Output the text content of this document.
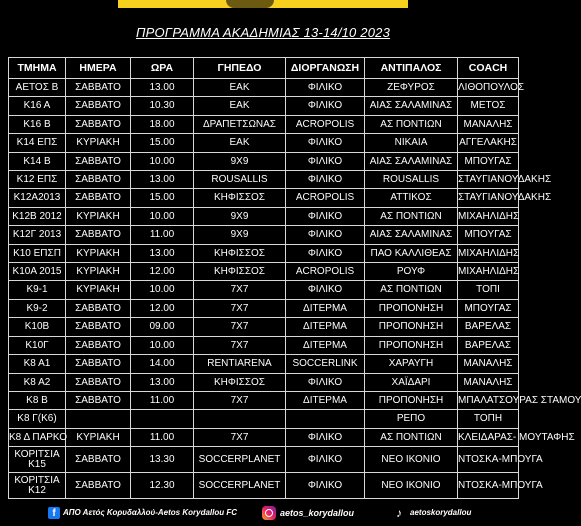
ΠΡΟΓΡΑΜΜΑ ΑΚΑΔΗΜΙΑΣ 13-14/10 2023
ΤΜΗΜΑ	ΗΜΕΡΑ	ΩΡΑ	ΓΗΠΕΔΟ	ΔΙΟΡΓΑΝΩΣΗ	ΑΝΤΙΠΑΛΟΣ	COACH
ΑΕΤΟΣ Β	ΣΑΒΒΑΤΟ	13.00	ΕΑΚ	ΦΙΛΙΚΟ	ΖΕΦΥΡΟΣ	ΛΙΘΟΠΟΥΛΟΣ
Κ16 Α	ΣΑΒΒΑΤΟ	10.30	ΕΑΚ	ΦΙΛΙΚΟ	ΑΙΑΣ ΣΑΛΑΜΙΝΑΣ	ΜΕΤΟΣ
Κ16 Β	ΣΑΒΒΑΤΟ	18.00	ΔΡΑΠΕΤΣΩΝΑΣ	ACROPOLIS	ΑΣ ΠΟΝΤΙΩΝ	ΜΑΝΑΛΗΣ
Κ14 ΕΠΣ	ΚΥΡΙΑΚΗ	15.00	ΕΑΚ	ΦΙΛΙΚΟ	ΝΙΚΑΙΑ	ΑΓΓΕΛΑΚΗΣ
Κ14 Β	ΣΑΒΒΑΤΟ	10.00	9Χ9	ΦΙΛΙΚΟ	ΑΙΑΣ ΣΑΛΑΜΙΝΑΣ	ΜΠΟΥΓΑΣ
Κ12 ΕΠΣ	ΣΑΒΒΑΤΟ	13.00	ROUSALLIS	ΦΙΛΙΚΟ	ROUSALLIS	ΣΤΑΥΓΙΑΝΟΥΔΑΚΗΣ
Κ12Α2013	ΣΑΒΒΑΤΟ	15.00	ΚΗΦΙΣΣΟΣ	ACROPOLIS	ΑΤΤΙΚΟΣ	ΣΤΑΥΓΙΑΝΟΥΔΑΚΗΣ
Κ12Β 2012	ΚΥΡΙΑΚΗ	10.00	9Χ9	ΦΙΛΙΚΟ	ΑΣ ΠΟΝΤΙΩΝ	ΜΙΧΑΗΛΙΔΗΣ
Κ12Γ 2013	ΣΑΒΒΑΤΟ	11.00	9Χ9	ΦΙΛΙΚΟ	ΑΙΑΣ ΣΑΛΑΜΙΝΑΣ	ΜΠΟΥΓΑΣ
Κ10 ΕΠΣΠ	ΚΥΡΙΑΚΗ	13.00	ΚΗΦΙΣΣΟΣ	ΦΙΛΙΚΟ	ΠΑΟ ΚΑΛΛΙΘΕΑΣ	ΜΙΧΑΗΛΙΔΗΣ
Κ10Α 2015	ΚΥΡΙΑΚΗ	12.00	ΚΗΦΙΣΣΟΣ	ACROPOLIS	ΡΟΥΦ	ΜΙΧΑΗΛΙΔΗΣ
Κ9-1	ΚΥΡΙΑΚΗ	10.00	7Χ7	ΦΙΛΙΚΟ	ΑΣ ΠΟΝΤΙΩΝ	ΤΟΠΙ
Κ9-2	ΣΑΒΒΑΤΟ	12.00	7Χ7	ΔΙΤΕΡΜΑ	ΠΡΟΠΟΝΗΣΗ	ΜΠΟΥΓΑΣ
Κ10Β	ΣΑΒΒΑΤΟ	09.00	7Χ7	ΔΙΤΕΡΜΑ	ΠΡΟΠΟΝΗΣΗ	ΒΑΡΕΛΑΣ
Κ10Γ	ΣΑΒΒΑΤΟ	10.00	7Χ7	ΔΙΤΕΡΜΑ	ΠΡΟΠΟΝΗΣΗ	ΒΑΡΕΛΑΣ
Κ8 Α1	ΣΑΒΒΑΤΟ	14.00	RENTIARENA	SOCCERLINK	ΧΑΡΑΥΓΗ	ΜΑΝΑΛΗΣ
Κ8 Α2	ΣΑΒΒΑΤΟ	13.00	ΚΗΦΙΣΣΟΣ	ΦΙΛΙΚΟ	ΧΑΪΔΑΡΙ	ΜΑΝΑΛΗΣ
Κ8 Β	ΣΑΒΒΑΤΟ	11.00	7Χ7	ΔΙΤΕΡΜΑ	ΠΡΟΠΟΝΗΣΗ	ΜΠΑΛΑΤΣΟΥΡΑΣ ΣΤΑΜΟΥ
Κ8 Γ(Κ6)					ΡΕΠΟ	ΤΟΠΗ
Κ8 Δ ΠΑΡΚΟ	ΚΥΡΙΑΚΗ	11.00	7Χ7	ΦΙΛΙΚΟ	ΑΣ ΠΟΝΤΙΩΝ	ΚΛΕΙΔΑΡΑΣ- ΜΟΥΤΑΦΗΣ
ΚΟΡΙΤΣΙΑ Κ15	ΣΑΒΒΑΤΟ	13.30	SOCCERPLANET	ΦΙΛΙΚΟ	ΝΕΟ ΙΚΟΝΙΟ	ΝΤΟΣΚΑ-ΜΠΟΥΓΑ
ΚΟΡΙΤΣΙΑ Κ12	ΣΑΒΒΑΤΟ	12.30	SOCCERPLANET	ΦΙΛΙΚΟ	ΝΕΟ ΙΚΟΝΙΟ	ΝΤΟΣΚΑ-ΜΠΟΥΓΑ
f ΑΠΟ Αετός Κορυδαλλού-Aetos Korydallou FC	aetos_korydallou	♪	aetoskorydallou
